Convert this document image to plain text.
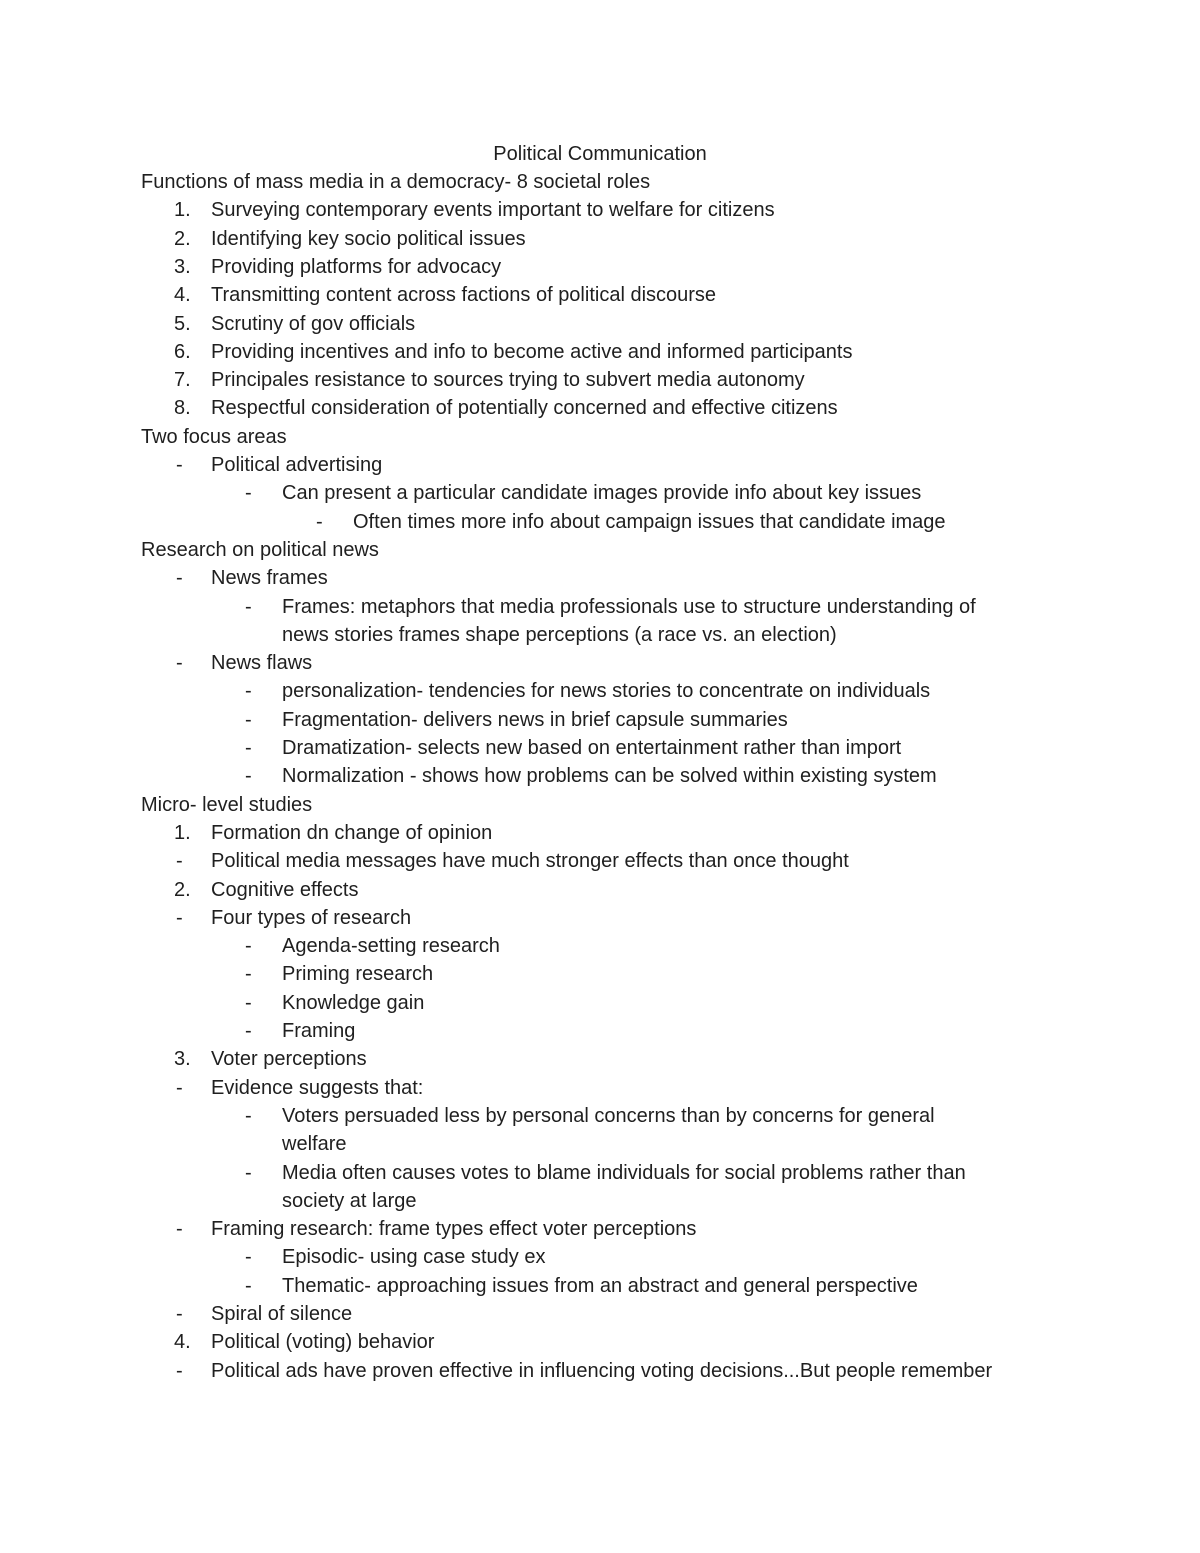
Political Communication
Functions of mass media in a democracy- 8 societal roles
1. Surveying contemporary events important to welfare for citizens
2. Identifying key socio political issues
3. Providing platforms for advocacy
4. Transmitting content across factions of political discourse
5. Scrutiny of gov officials
6. Providing incentives and info to become active and informed participants
7. Principales resistance to sources trying to subvert media autonomy
8. Respectful consideration of potentially concerned and effective citizens
Two focus areas
- Political advertising
- Can present a particular candidate images provide info about key issues
- Often times more info about campaign issues that candidate image
Research on political news
- News frames
- Frames: metaphors that media professionals use to structure understanding of
news stories frames shape perceptions (a race vs. an election)
- News flaws
- personalization- tendencies for news stories to concentrate on individuals
- Fragmentation- delivers news in brief capsule summaries
- Dramatization- selects new based on entertainment rather than import
- Normalization - shows how problems can be solved within existing system
Micro- level studies
1. Formation dn change of opinion
- Political media messages have much stronger effects than once thought
2. Cognitive effects
- Four types of research
- Agenda-setting research
- Priming research
- Knowledge gain
- Framing
3. Voter perceptions
- Evidence suggests that:
- Voters persuaded less by personal concerns than by concerns for general
welfare
- Media often causes votes to blame individuals for social problems rather than
society at large
- Framing research: frame types effect voter perceptions
- Episodic- using case study ex
- Thematic- approaching issues from an abstract and general perspective
- Spiral of silence
4. Political (voting) behavior
- Political ads have proven effective in influencing voting decisions...But people remember
